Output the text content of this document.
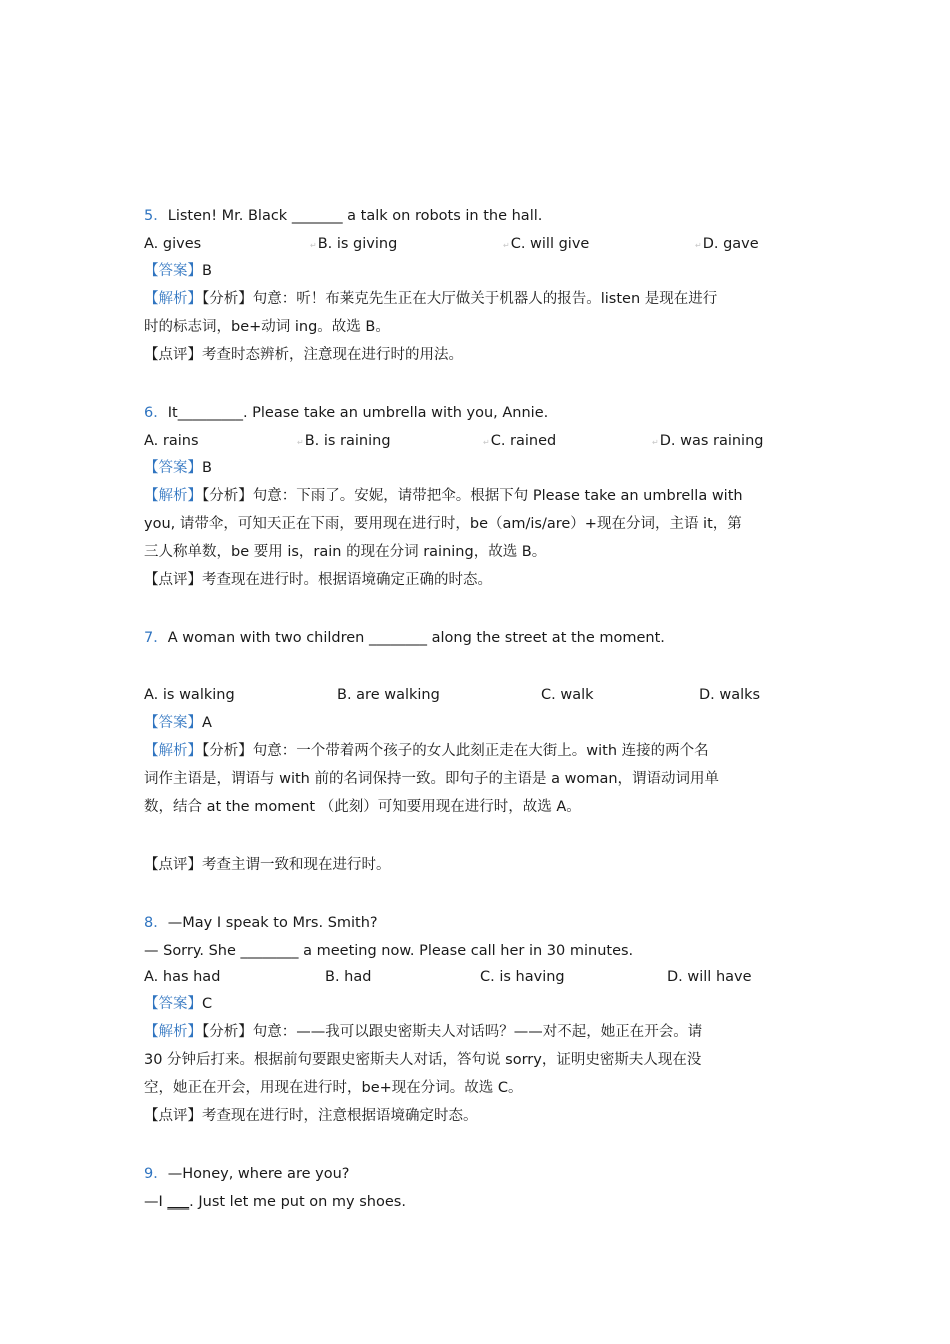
5．Listen! Mr. Black _______ a talk on robots in the hall.
A. gives	↵B. is giving	↵C. will give	↵D. gave
【答案】B
【解析】【分析】句意：听！布莱克先生正在大厅做关于机器人的报告。listen 是现在进行
时的标志词，be+动词 ing。故选 B。
【点评】考查时态辨析，注意现在进行时的用法。
6．It_________. Please take an umbrella with you, Annie.
A. rains	↵B. is raining	↵C. rained	↵D. was raining
【答案】B
【解析】【分析】句意：下雨了。安妮，请带把伞。根据下句 Please take an umbrella with
you, 请带伞，可知天正在下雨，要用现在进行时，be（am/is/are）+现在分词，主语 it，第
三人称单数，be 要用 is，rain 的现在分词 raining，故选 B。
【点评】考查现在进行时。根据语境确定正确的时态。
7．A woman with two children ________ along the street at the moment.
A. is walking	B. are walking	C. walk	D. walks
【答案】A
【解析】【分析】句意：一个带着两个孩子的女人此刻正走在大街上。with 连接的两个名
词作主语是，谓语与 with 前的名词保持一致。即句子的主语是 a woman，谓语动词用单
数，结合 at the moment （此刻）可知要用现在进行时，故选 A。
【点评】考查主谓一致和现在进行时。
8．—May I speak to Mrs. Smith?
— Sorry. She ________ a meeting now. Please call her in 30 minutes.
A. has had	B. had	C. is having	D. will have
【答案】C
【解析】【分析】句意：——我可以跟史密斯夫人对话吗？——对不起，她正在开会。请
30 分钟后打来。根据前句要跟史密斯夫人对话，答句说 sorry，证明史密斯夫人现在没
空，她正在开会，用现在进行时，be+现在分词。故选 C。
【点评】考查现在进行时，注意根据语境确定时态。
9．—Honey, where are you?
—I ___. Just let me put on my shoes.
